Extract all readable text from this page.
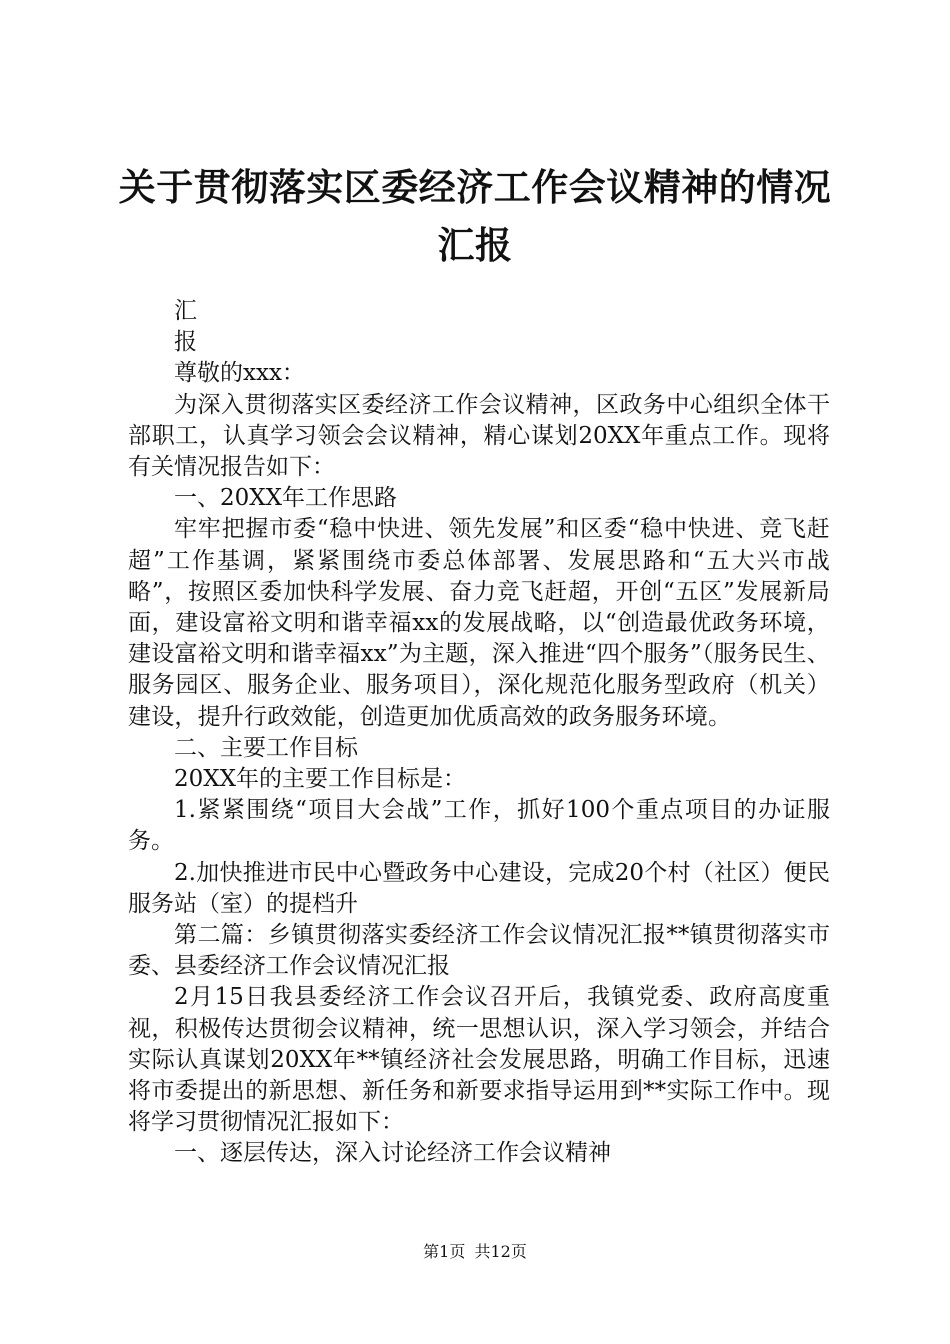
关于贯彻落实区委经济工作会议精神的情况汇报

汇

报

尊敬的xxx：

为深入贯彻落实区委经济工作会议精神，区政务中心组织全体干部职工，认真学习领会会议精神，精心谋划20XX年重点工作。现将有关情况报告如下：

一、20XX年工作思路

牢牢把握市委“稳中快进、领先发展”和区委“稳中快进、竞飞赶超”工作基调，紧紧围绕市委总体部署、发展思路和“五大兴市战略”，按照区委加快科学发展、奋力竞飞赶超，开创“五区”发展新局面，建设富裕文明和谐幸福xx的发展战略，以“创造最优政务环境，建设富裕文明和谐幸福xx”为主题，深入推进“四个服务”（服务民生、服务园区、服务企业、服务项目），深化规范化服务型政府（机关）建设，提升行政效能，创造更加优质高效的政务服务环境。

二、主要工作目标

20XX年的主要工作目标是：

1.紧紧围绕“项目大会战”工作，抓好100个重点项目的办证服务。

2.加快推进市民中心暨政务中心建设，完成20个村（社区）便民服务站（室）的提档升

第二篇：乡镇贯彻落实委经济工作会议情况汇报**镇贯彻落实市委、县委经济工作会议情况汇报

2月15日我县委经济工作会议召开后，我镇党委、政府高度重视，积极传达贯彻会议精神，统一思想认识，深入学习领会，并结合实际认真谋划20XX年**镇经济社会发展思路，明确工作目标，迅速将市委提出的新思想、新任务和新要求指导运用到**实际工作中。现将学习贯彻情况汇报如下：

一、逐层传达，深入讨论经济工作会议精神

第1页 共12页
